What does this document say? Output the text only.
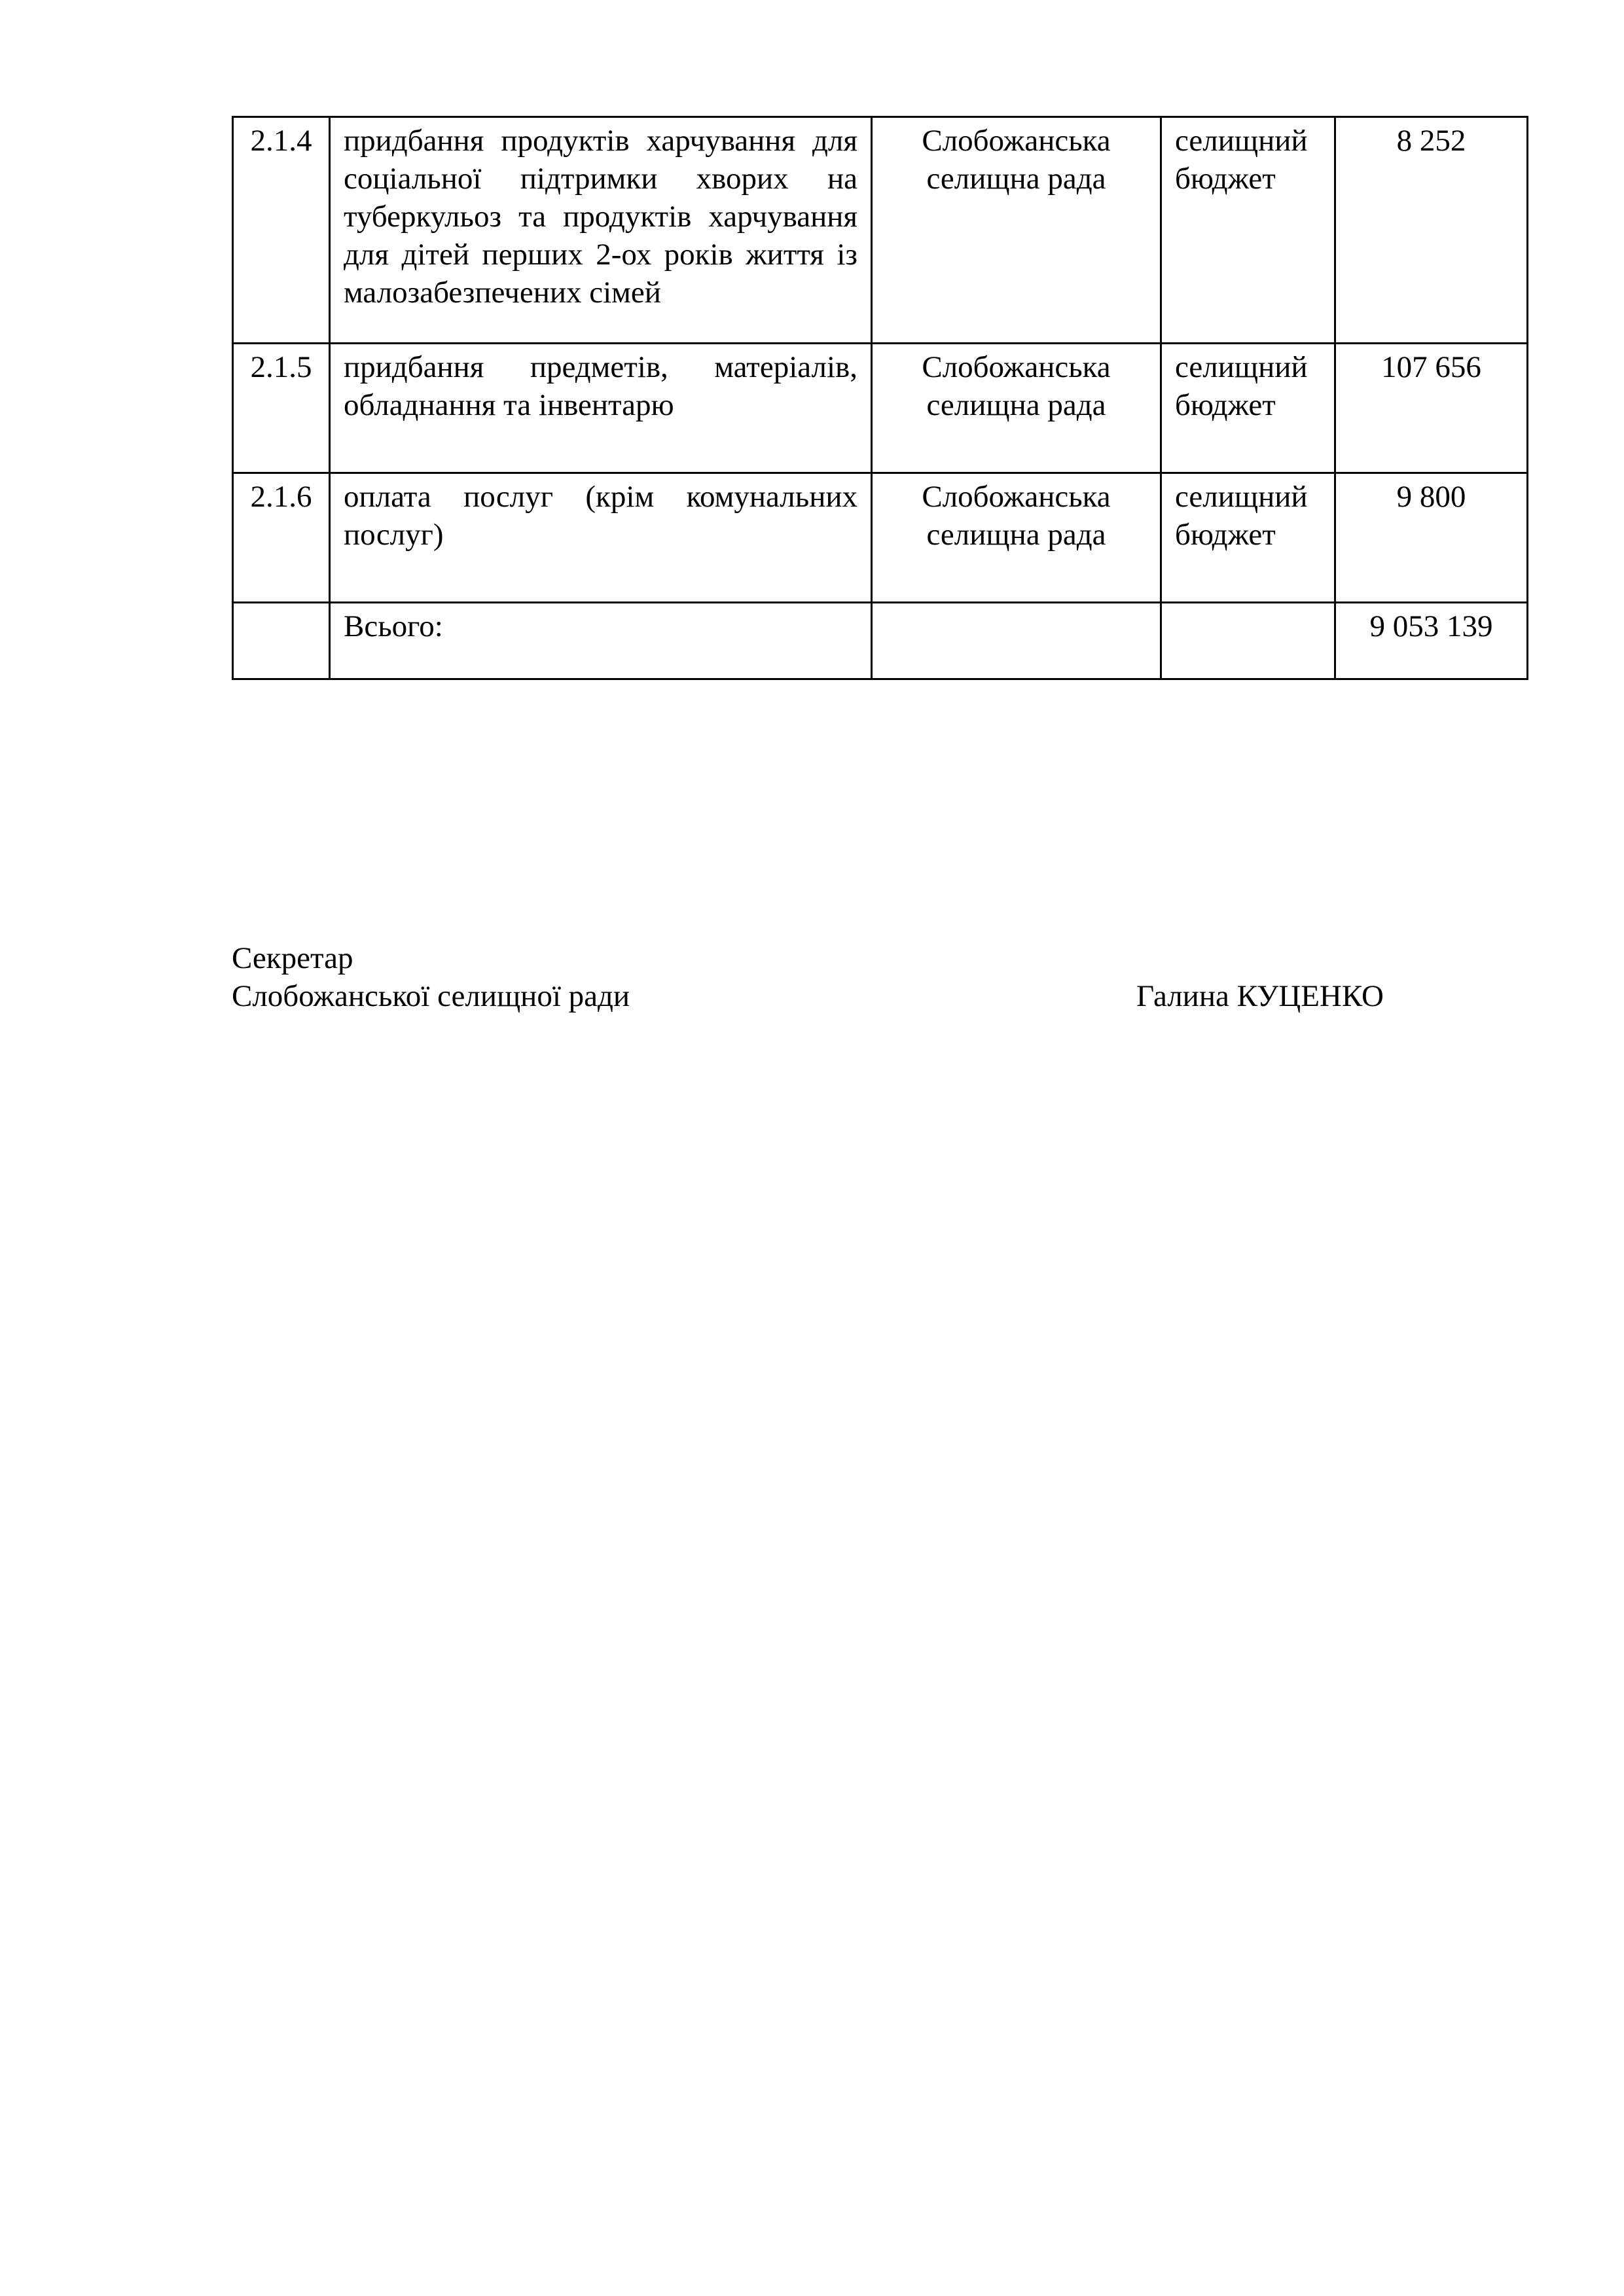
2.1.4	придбання продуктів харчування для соціальної підтримки хворих на туберкульоз та продуктів харчування для дітей перших 2-ох років життя із малозабезпечених сімей	Слобожанська селищна рада	селищний бюджет	8 252
2.1.5	придбання предметів, матеріалів, обладнання та інвентарю	Слобожанська селищна рада	селищний бюджет	107 656
2.1.6	оплата послуг (крім комунальних послуг)	Слобожанська селищна рада	селищний бюджет	9 800
	Всього:			9 053 139
Секретар
Слобожанської селищної ради	Галина КУЦЕНКО
